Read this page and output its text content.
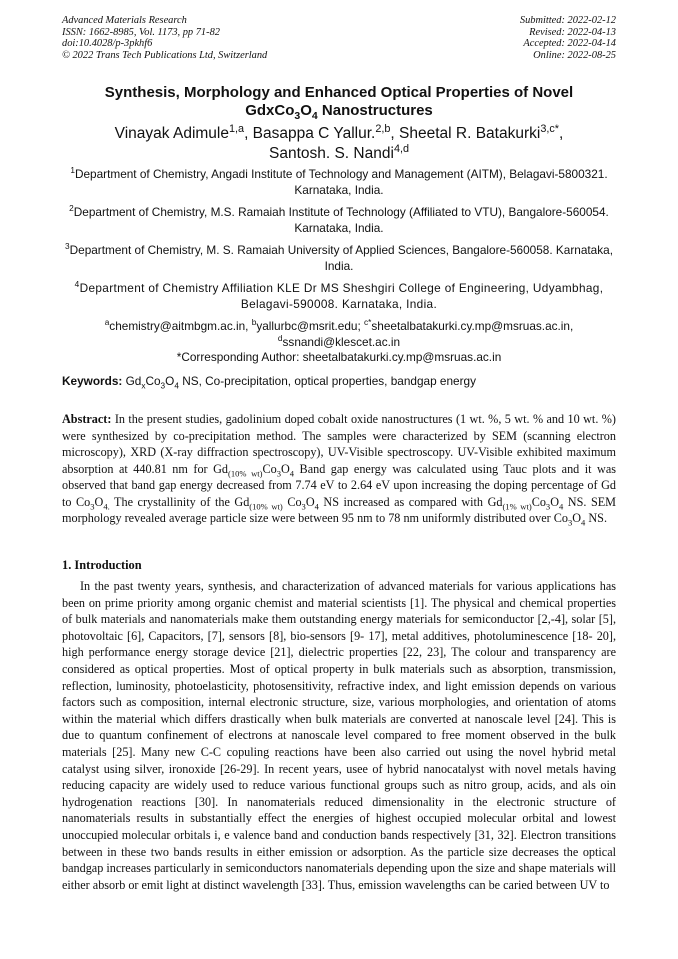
Advanced Materials Research
ISSN: 1662-8985, Vol. 1173, pp 71-82
doi:10.4028/p-3pkhf6
© 2022 Trans Tech Publications Ltd, Switzerland
Submitted: 2022-02-12
Revised: 2022-04-13
Accepted: 2022-04-14
Online: 2022-08-25
Synthesis, Morphology and Enhanced Optical Properties of Novel
$GdxCo_3O_4$ Nanostructures
Vinayak Adimule$^{1,a}$, Basappa C Yallur.$^{2,b}$, Sheetal R. Batakurki$^{3,c*}$,
Santosh. S. Nandi$^{4,d}$
$^1$Department of Chemistry, Angadi Institute of Technology and Management (AITM), Belagavi-5800321. Karnataka, India.
$^2$Department of Chemistry, M.S. Ramaiah Institute of Technology (Affiliated to VTU), Bangalore-560054. Karnataka, India.
$^3$Department of Chemistry, M. S. Ramaiah University of Applied Sciences, Bangalore-560058. Karnataka, India.
$^4$Department of Chemistry Affiliation KLE Dr MS Sheshgiri College of Engineering, Udyambhag, Belagavi-590008. Karnataka, India.
$^a$chemistry@aitmbgm.ac.in, $^b$yallurbc@msrit.edu; $^{c*}$sheetalbatakurki.cy.mp@msruas.ac.in,
$^d$ssnandi@klescet.ac.in
*Corresponding Author: sheetalbatakurki.cy.mp@msruas.ac.in
Keywords: $Gd_xCo_3O_4$ NS, Co-precipitation, optical properties, bandgap energy
Abstract: In the present studies, gadolinium doped cobalt oxide nanostructures (1 wt. %, 5 wt. % and 10 wt. %) were synthesized by co-precipitation method. The samples were characterized by SEM (scanning electron microscopy), XRD (X-ray diffraction spectroscopy), UV-Visible spectroscopy. UV-Visible exhibited maximum absorption at 440.81 nm for $Gd_{(10\% wt)}Co_3O_4$ Band gap energy was calculated using Tauc plots and it was observed that band gap energy decreased from 7.74 eV to 2.64 eV upon increasing the doping percentage of Gd to $Co_3O_{4.}$ The crystallinity of the $Gd_{(10\% wt)}$ $Co_3O_4$ NS increased as compared with $Gd_{(1\% wt)}Co_3O_4$ NS. SEM morphology revealed average particle size were between 95 nm to 78 nm uniformly distributed over $Co_3O_4$ NS.
1. Introduction
In the past twenty years, synthesis, and characterization of advanced materials for various applications has been on prime priority among organic chemist and material scientists [1]. The physical and chemical properties of bulk materials and nanomaterials make them outstanding energy materials for semiconductor [2,-4], solar [5], photovoltaic [6], Capacitors, [7], sensors [8], bio-sensors [9- 17], metal additives, photoluminescence [18- 20], high performance energy storage device [21], dielectric properties [22, 23], The colour and transparency are considered as optical properties. Most of optical property in bulk materials such as absorption, transmission, reflection, luminosity, photoelasticity, photosensitivity, refractive index, and light emission depends on various factors such as composition, internal electronic structure, size, various morphologies, and orientation of atoms within the material which differs drastically when bulk materials are converted at nanoscale level [24]. This is due to quantum confinement of electrons at nanoscale level compared to free moment observed in the bulk materials [25]. Many new C-C copuling reactions have been also carried out using the novel hybrid metal catalyst using silver, ironoxide [26-29]. In recent years, usee of hybrid nanocatalyst with novel metals having reducing capacity are widely used to reduce various functional groups such as nitro group, acids, and als oin hydrogenation reactions [30]. In nanomaterials reduced dimensionality in the electronic structure of nanomaterials results in substantially effect the energies of highest occupied molecular orbital and lowest unoccupied molecular orbitals i, e valence band and conduction bands respectively [31, 32]. Electron transitions between in these two bands results in either emission or adsorption. As the particle size decreases the optical bandgap increases particularly in semiconductors nanomaterials depending upon the size and shape materials will either absorb or emit light at distinct wavelength [33]. Thus, emission wavelengths can be caried between UV to
